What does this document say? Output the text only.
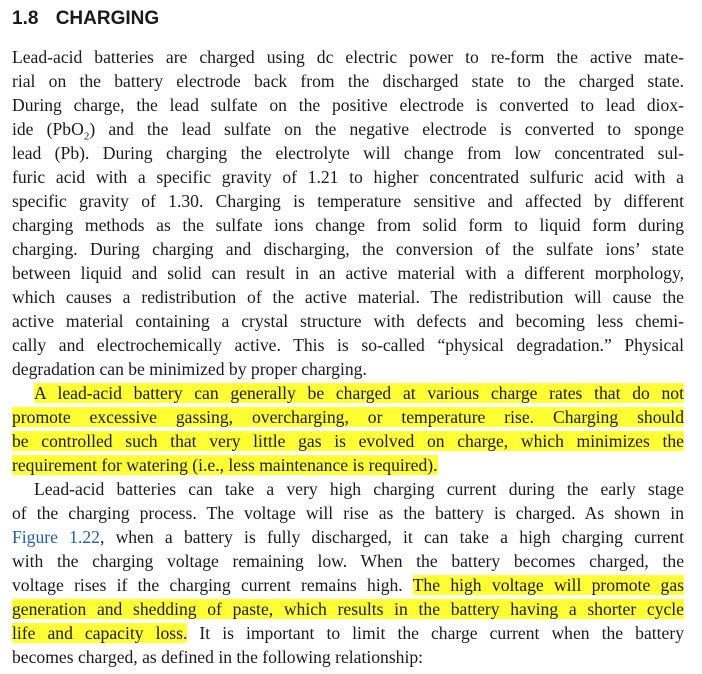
1.8 CHARGING
Lead-acid batteries are charged using dc electric power to re-form the active mate-
rial on the battery electrode back from the discharged state to the charged state.
During charge, the lead sulfate on the positive electrode is converted to lead diox-
ide (PbO$_2$) and the lead sulfate on the negative electrode is converted to sponge
lead (Pb). During charging the electrolyte will change from low concentrated sul-
furic acid with a specific gravity of 1.21 to higher concentrated sulfuric acid with a
specific gravity of 1.30. Charging is temperature sensitive and affected by different
charging methods as the sulfate ions change from solid form to liquid form during
charging. During charging and discharging, the conversion of the sulfate ions’ state
between liquid and solid can result in an active material with a different morphology,
which causes a redistribution of the active material. The redistribution will cause the
active material containing a crystal structure with defects and becoming less chemi-
cally and electrochemically active. This is so-called “physical degradation.” Physical
degradation can be minimized by proper charging.
A lead-acid battery can generally be charged at various charge rates that do not
promote excessive gassing, overcharging, or temperature rise. Charging should
be controlled such that very little gas is evolved on charge, which minimizes the
requirement for watering (i.e., less maintenance is required).
Lead-acid batteries can take a very high charging current during the early stage
of the charging process. The voltage will rise as the battery is charged. As shown in
Figure 1.22, when a battery is fully discharged, it can take a high charging current
with the charging voltage remaining low. When the battery becomes charged, the
voltage rises if the charging current remains high. The high voltage will promote gas
generation and shedding of paste, which results in the battery having a shorter cycle
life and capacity loss. It is important to limit the charge current when the battery
becomes charged, as defined in the following relationship:
